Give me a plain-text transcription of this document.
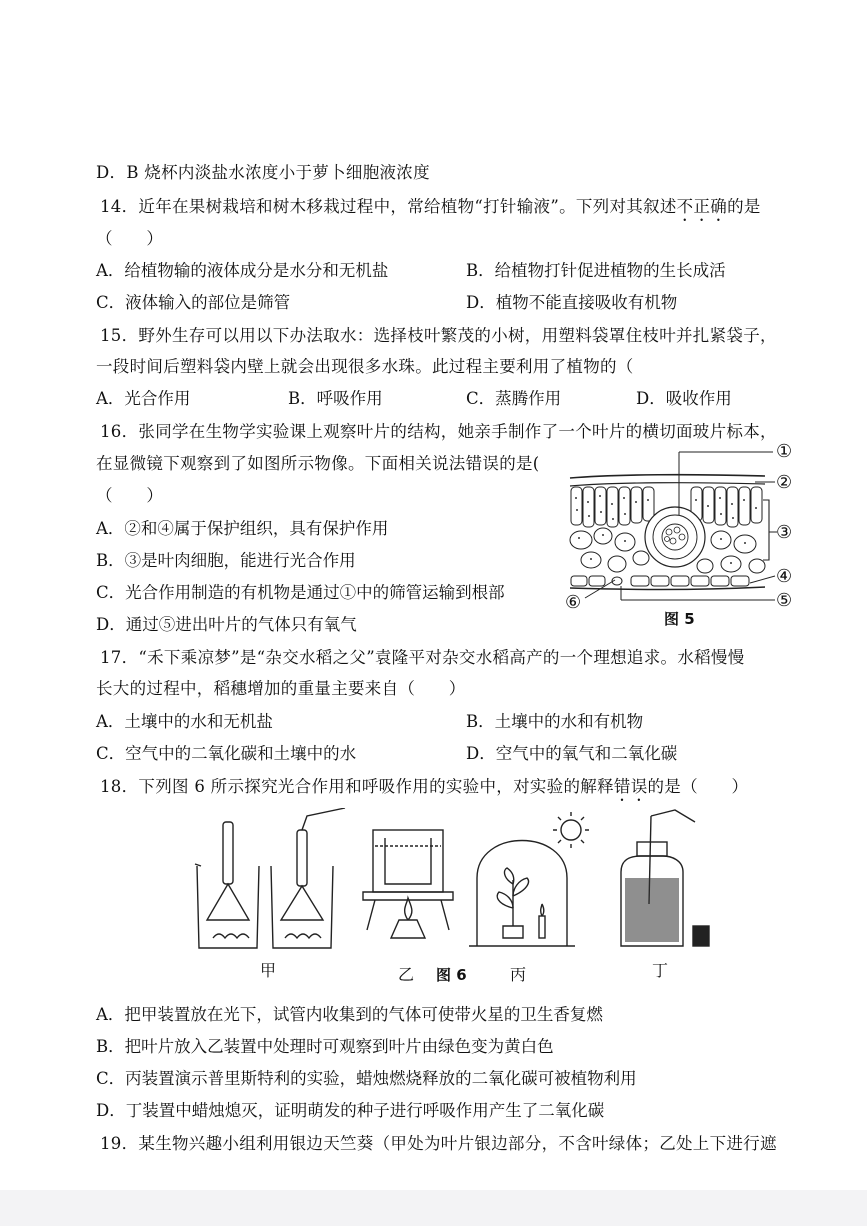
D．B 烧杯内淡盐水浓度小于萝卜细胞液浓度
14．近年在果树栽培和树木移栽过程中，常给植物“打针输液”。下列对其叙述不正确的是
（　　）
A．给植物输的液体成分是水分和无机盐	B．给植物打针促进植物的生长成活
C．液体输入的部位是筛管	D．植物不能直接吸收有机物
15．野外生存可以用以下办法取水：选择枝叶繁茂的小树，用塑料袋罩住枝叶并扎紧袋子，
一段时间后塑料袋内壁上就会出现很多水珠。此过程主要利用了植物的（
A．光合作用	B．呼吸作用	C．蒸腾作用	D．吸收作用
16．张同学在生物学实验课上观察叶片的结构，她亲手制作了一个叶片的横切面玻片标本，
在显微镜下观察到了如图所示物像。下面相关说法错误的是(
（　　）
A．②和④属于保护组织，具有保护作用
B．③是叶肉细胞，能进行光合作用
C．光合作用制造的有机物是通过①中的筛管运输到根部
D．通过⑤进出叶片的气体只有氧气
①
②
③
④
⑤
⑥
图 5
17．“禾下乘凉梦”是“杂交水稻之父”袁隆平对杂交水稻高产的一个理想追求。水稻慢慢
长大的过程中，稻穗增加的重量主要来自（　　）
A．土壤中的水和无机盐	B．土壤中的水和有机物
C．空气中的二氧化碳和土壤中的水	D．空气中的氧气和二氧化碳
18．下列图 6 所示探究光合作用和呼吸作用的实验中，对实验的解释错误的是（　　）
甲	乙 图 6	丙	丁
A．把甲装置放在光下，试管内收集到的气体可使带火星的卫生香复燃
B．把叶片放入乙装置中处理时可观察到叶片由绿色变为黄白色
C．丙装置演示普里斯特利的实验，蜡烛燃烧释放的二氧化碳可被植物利用
D．丁装置中蜡烛熄灭，证明萌发的种子进行呼吸作用产生了二氧化碳
19．某生物兴趣小组利用银边天竺葵（甲处为叶片银边部分，不含叶绿体；乙处上下进行遮
